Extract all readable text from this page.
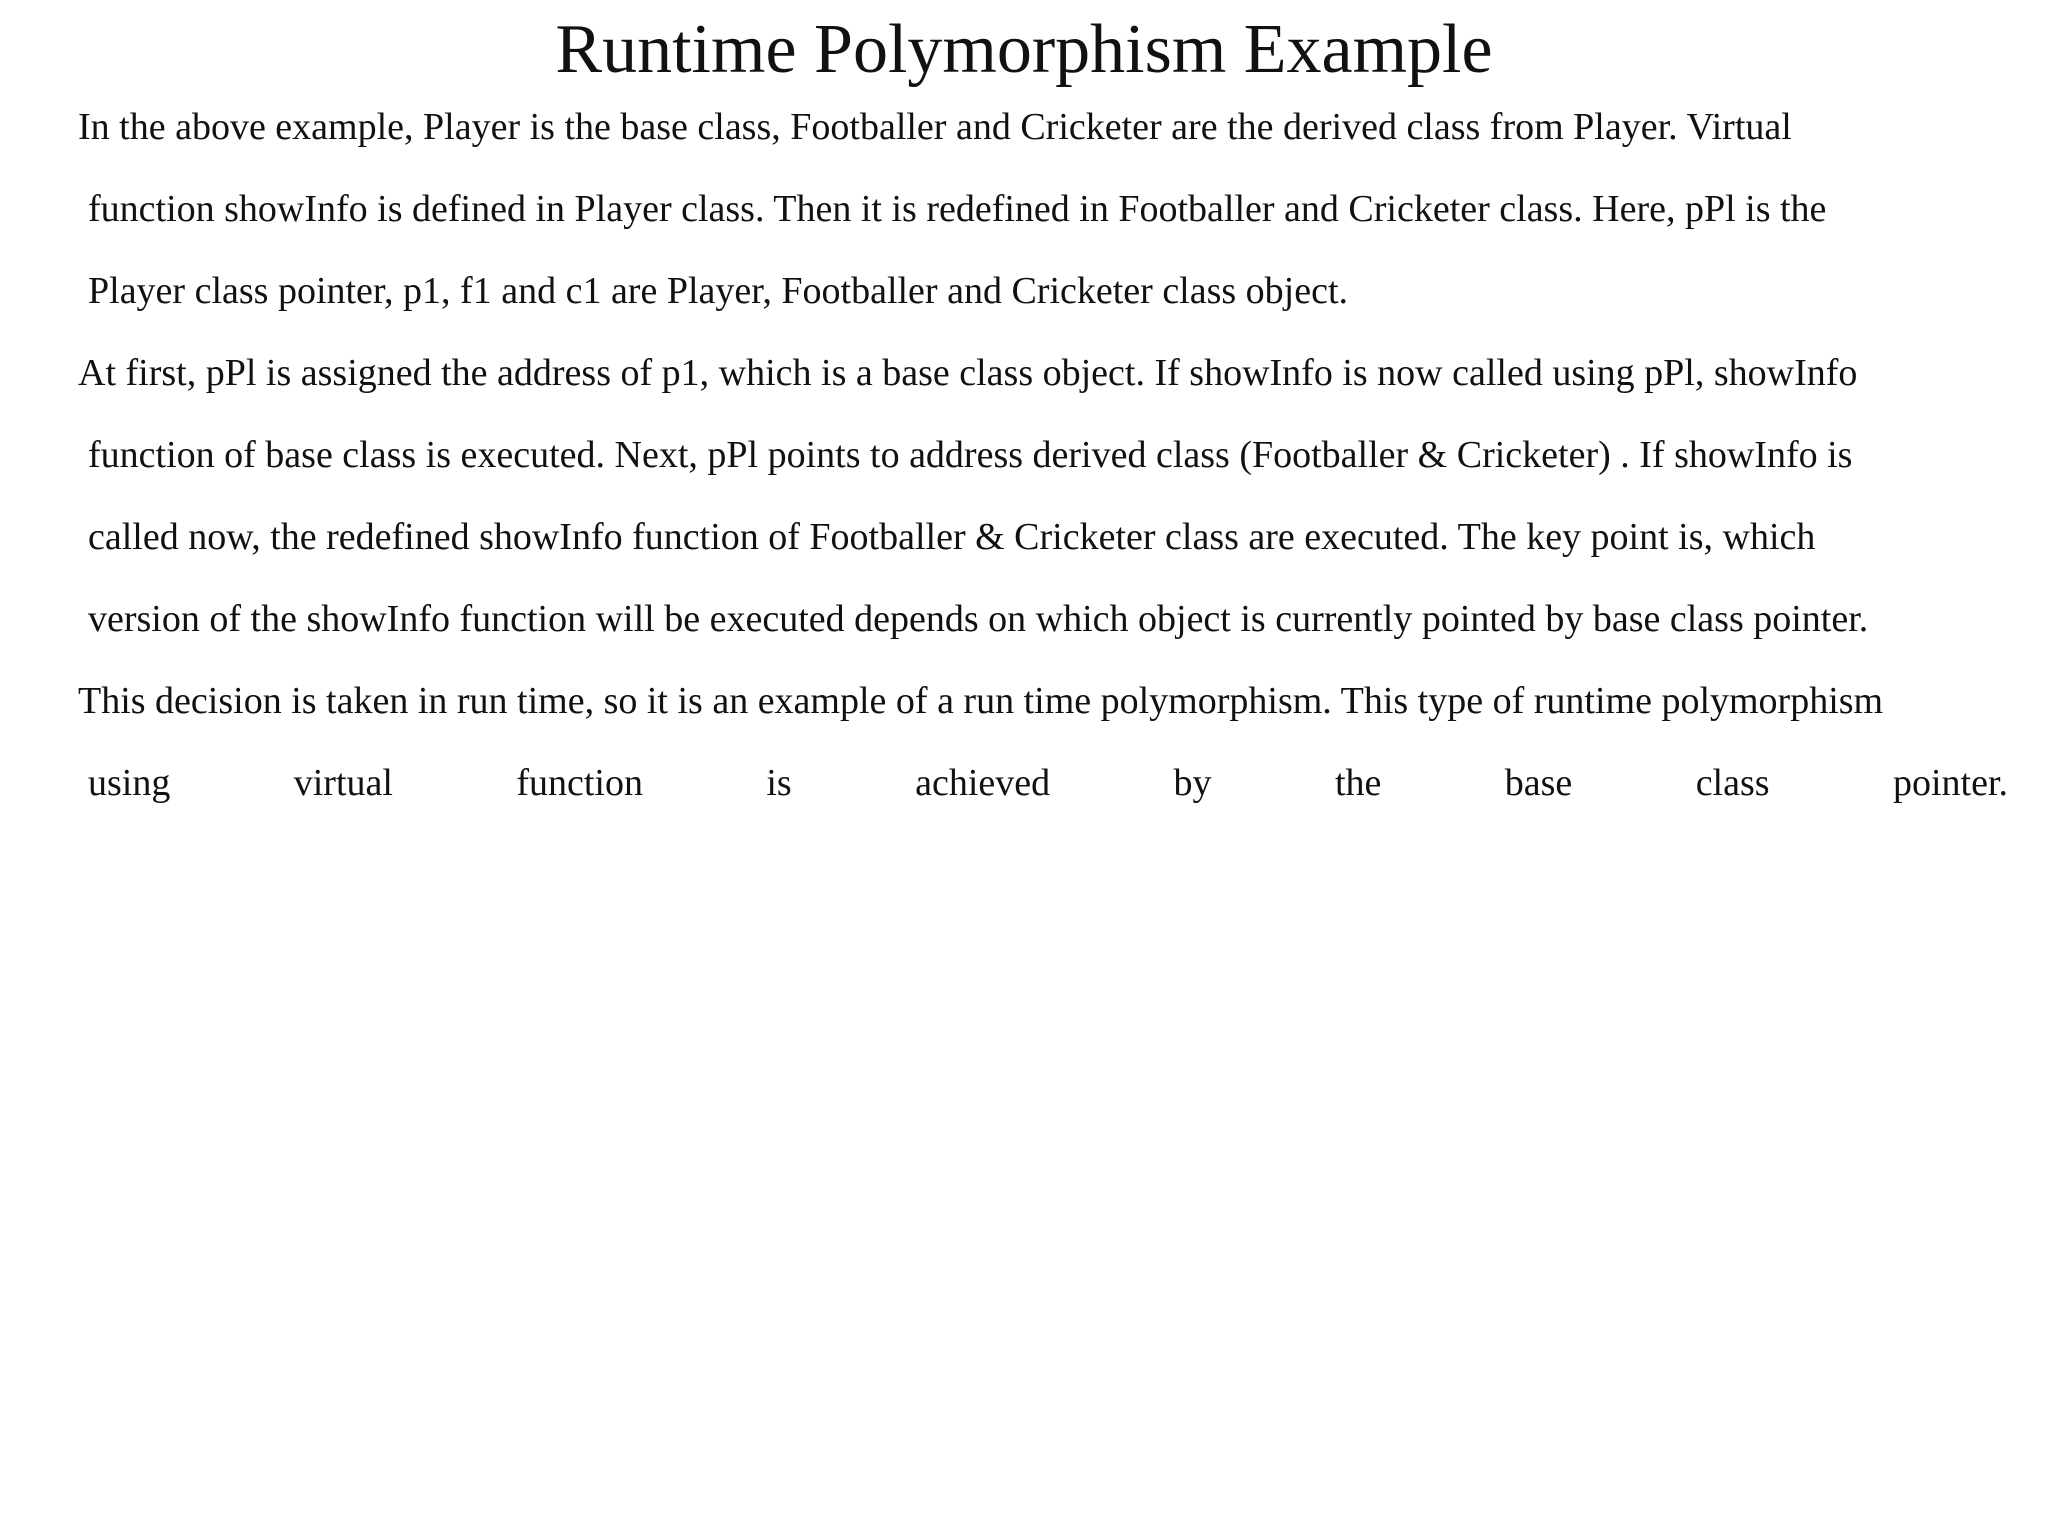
Runtime Polymorphism Example
In the above example, Player is the base class, Footballer and Cricketer are the derived class from Player. Virtual
function showInfo is defined in Player class. Then it is redefined in Footballer and Cricketer class. Here, pPl is the
Player class pointer, p1, f1 and c1 are Player, Footballer and Cricketer class object.
At first, pPl is assigned the address of p1, which is a base class object. If showInfo is now called using pPl, showInfo
function of base class is executed. Next, pPl points to address derived class (Footballer & Cricketer) . If showInfo is
called now, the redefined showInfo function of Footballer & Cricketer class are executed. The key point is, which
version of the showInfo function will be executed depends on which object is currently pointed by base class pointer.
This decision is taken in run time, so it is an example of a run time polymorphism. This type of runtime polymorphism
using	virtual	function	is	achieved	by	the	base	class	pointer.
